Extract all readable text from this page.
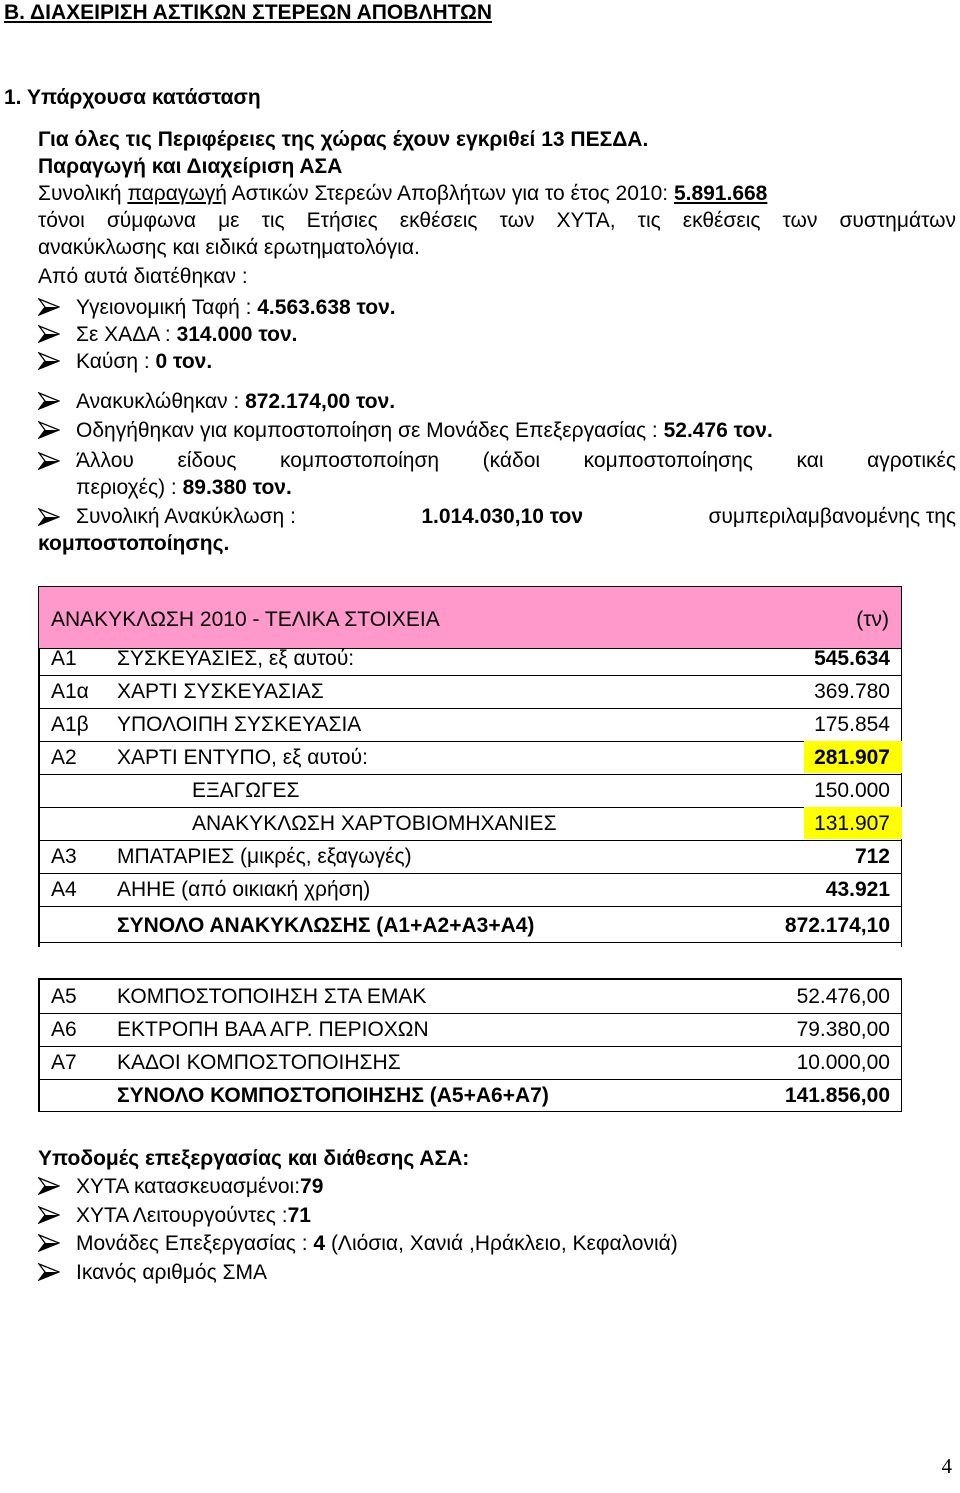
Β. ΔΙΑΧΕΙΡΙΣΗ ΑΣΤΙΚΩΝ ΣΤΕΡΕΩΝ ΑΠΟΒΛΗΤΩΝ
1. Υπάρχουσα κατάσταση
Για όλες τις Περιφέρειες της χώρας έχουν εγκριθεί 13 ΠΕΣΔΑ.
Παραγωγή και Διαχείριση ΑΣΑ
Συνολική παραγωγή Αστικών Στερεών Αποβλήτων για το έτος 2010: 5.891.668
τόνοι σύμφωνα με τις Ετήσιες εκθέσεις των ΧΥΤΑ, τις εκθέσεις των συστημάτων
ανακύκλωσης και ειδικά ερωτηματολόγια.
Από αυτά διατέθηκαν :
Υγειονομική Ταφή : 4.563.638 τον.
Σε ΧΑΔΑ : 314.000 τον.
Καύση : 0 τον.
Ανακυκλώθηκαν : 872.174,00 τον.
Οδηγήθηκαν για κομποστοποίηση σε Μονάδες Επεξεργασίας : 52.476 τον.
Άλλου είδους κομποστοποίηση (κάδοι κομποστοποίησης και αγροτικές
περιοχές) : 89.380 τον.
Συνολική Ανακύκλωση :	1.014.030,10 τον	συμπεριλαμβανομένης της
κομποστοποίησης.
ΑΝΑΚΥΚΛΩΣΗ 2010 - ΤΕΛΙΚΑ ΣΤΟΙΧΕΙΑ	(τν)
Α1 ΣΥΣΚΕΥΑΣΙΕΣ, εξ αυτού:	545.634
Α1α ΧΑΡΤΙ ΣΥΣΚΕΥΑΣΙΑΣ	369.780
Α1β ΥΠΟΛΟΙΠΗ ΣΥΣΚΕΥΑΣΙΑ	175.854
Α2 ΧΑΡΤΙ ΕΝΤΥΠΟ, εξ αυτού:	281.907
ΕΞΑΓΩΓΕΣ	150.000
ΑΝΑΚΥΚΛΩΣΗ ΧΑΡΤΟΒΙΟΜΗΧΑΝΙΕΣ	131.907
Α3 ΜΠΑΤΑΡΙΕΣ (μικρές, εξαγωγές)	712
Α4 ΑΗΗΕ (από οικιακή χρήση)	43.921
ΣΥΝΟΛΟ ΑΝΑΚΥΚΛΩΣΗΣ (Α1+Α2+Α3+Α4)	872.174,10
Α5 ΚΟΜΠΟΣΤΟΠΟΙΗΣΗ ΣΤΑ ΕΜΑΚ	52.476,00
Α6 ΕΚΤΡΟΠΗ ΒΑΑ ΑΓΡ. ΠΕΡΙΟΧΩΝ	79.380,00
Α7 ΚΑΔΟΙ ΚΟΜΠΟΣΤΟΠΟΙΗΣΗΣ	10.000,00
ΣΥΝΟΛΟ ΚΟΜΠΟΣΤΟΠΟΙΗΣΗΣ (Α5+Α6+Α7)	141.856,00
Υποδομές επεξεργασίας και διάθεσης ΑΣΑ:
ΧΥΤΑ κατασκευασμένοι:79
ΧΥΤΑ Λειτουργούντες :71
Μονάδες Επεξεργασίας : 4 (Λιόσια, Χανιά ,Ηράκλειο, Κεφαλονιά)
Ικανός αριθμός ΣΜΑ
4
